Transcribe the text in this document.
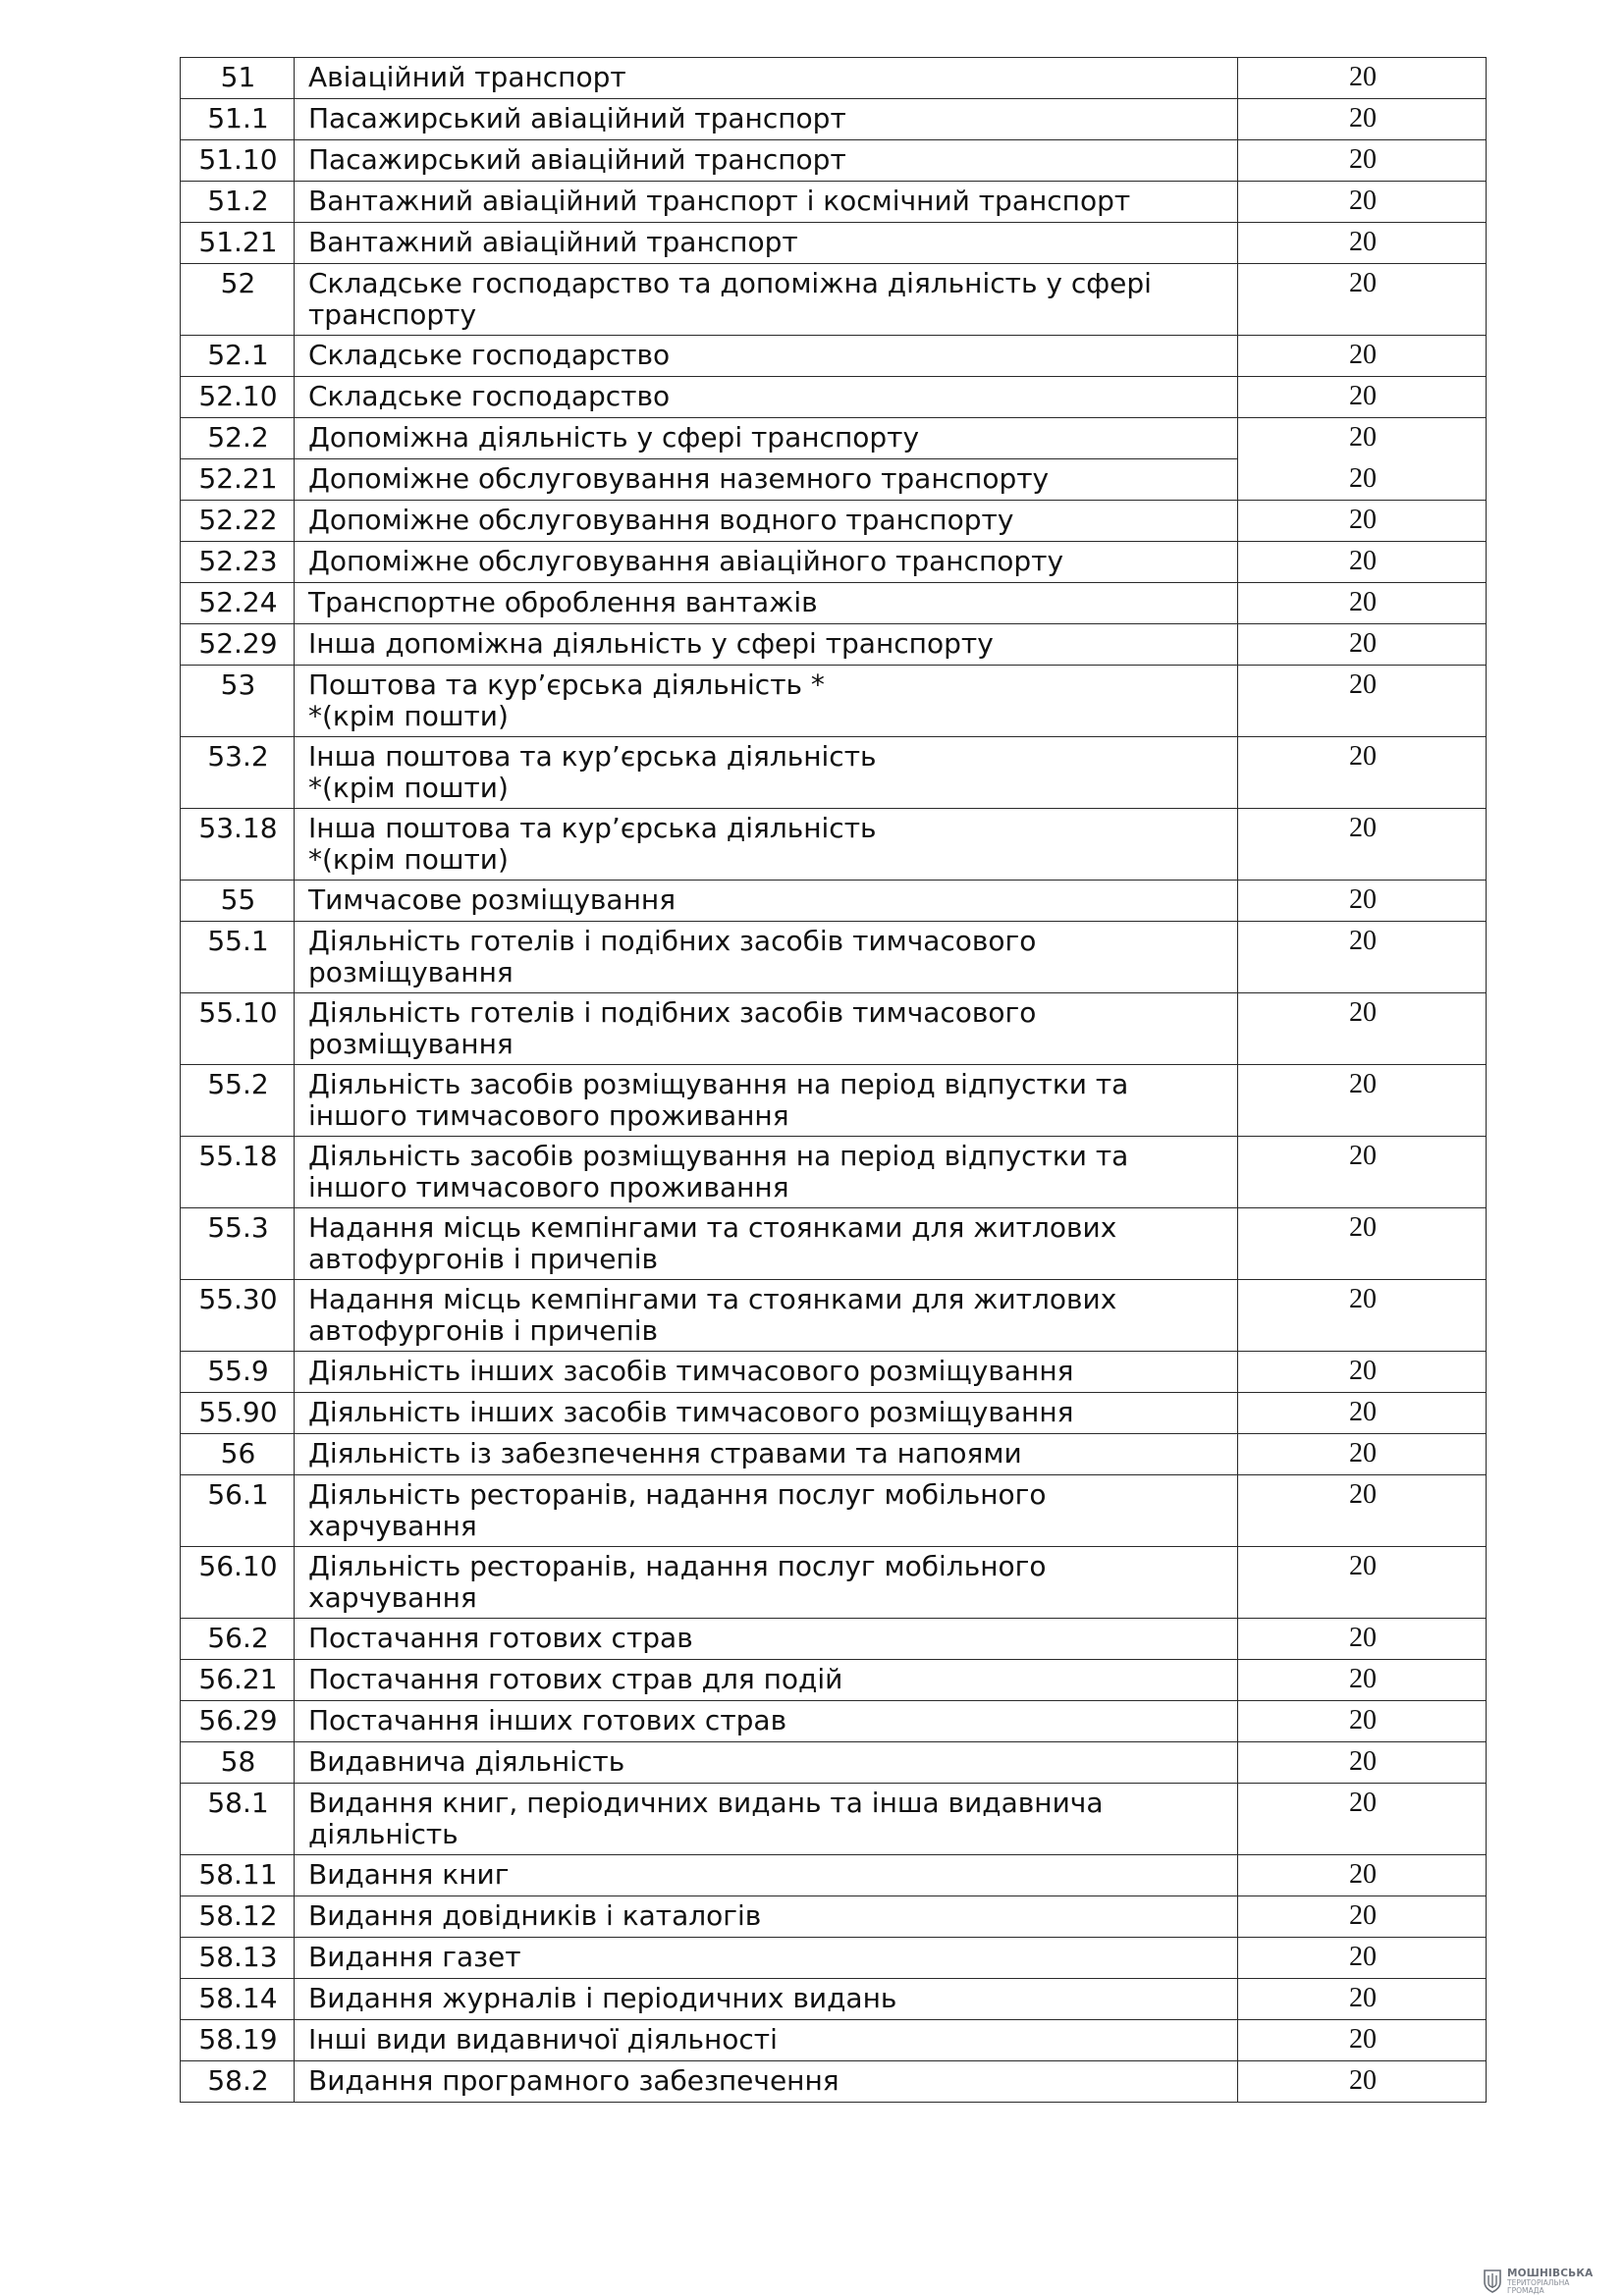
51	Авіаційний транспорт	20
51.1	Пасажирський авіаційний транспорт	20
51.10	Пасажирський авіаційний транспорт	20
51.2	Вантажний авіаційний транспорт і космічний транспорт	20
51.21	Вантажний авіаційний транспорт	20
52	Складське господарство та допоміжна діяльність у сфері
транспорту	20
52.1	Складське господарство	20
52.10	Складське господарство	20
52.2	Допоміжна діяльність у сфері транспорту	20
52.21	Допоміжне обслуговування наземного транспорту	20
52.22	Допоміжне обслуговування водного транспорту	20
52.23	Допоміжне обслуговування авіаційного транспорту	20
52.24	Транспортне оброблення вантажів	20
52.29	Інша допоміжна діяльність у сфері транспорту	20
53	Поштова та кур’єрська діяльність *
*(крім пошти)	20
53.2	Інша поштова та кур’єрська діяльність
*(крім пошти)	20
53.18	Інша поштова та кур’єрська діяльність
*(крім пошти)	20
55	Тимчасове розміщування	20
55.1	Діяльність готелів і подібних засобів тимчасового
розміщування	20
55.10	Діяльність готелів і подібних засобів тимчасового
розміщування	20
55.2	Діяльність засобів розміщування на період відпустки та
іншого тимчасового проживання	20
55.18	Діяльність засобів розміщування на період відпустки та
іншого тимчасового проживання	20
55.3	Надання місць кемпінгами та стоянками для житлових
автофургонів і причепів	20
55.30	Надання місць кемпінгами та стоянками для житлових
автофургонів і причепів	20
55.9	Діяльність інших засобів тимчасового розміщування	20
55.90	Діяльність інших засобів тимчасового розміщування	20
56	Діяльність із забезпечення стравами та напоями	20
56.1	Діяльність ресторанів, надання послуг мобільного
харчування	20
56.10	Діяльність ресторанів, надання послуг мобільного
харчування	20
56.2	Постачання готових страв	20
56.21	Постачання готових страв для подій	20
56.29	Постачання інших готових страв	20
58	Видавнича діяльність	20
58.1	Видання книг, періодичних видань та інша видавнича
діяльність	20
58.11	Видання книг	20
58.12	Видання довідників і каталогів	20
58.13	Видання газет	20
58.14	Видання журналів і періодичних видань	20
58.19	Інші види видавничої діяльності	20
58.2	Видання програмного забезпечення	20
МОШНІВСЬКА
ТЕРИТОРІАЛЬНА
ГРОМАДА
